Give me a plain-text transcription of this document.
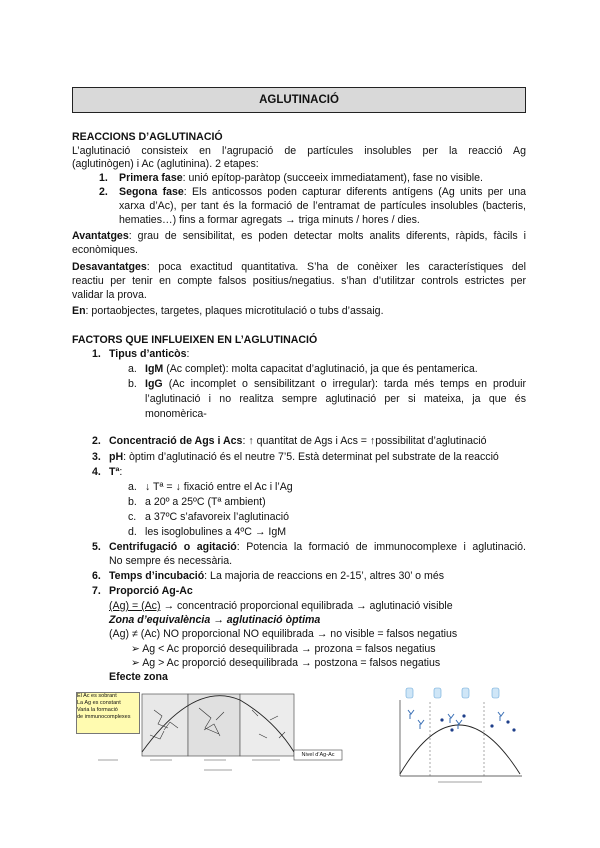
AGLUTINACIÓ
REACCIONS D’AGLUTINACIÓ
L’aglutinació consisteix en l’agrupació de partícules insolubles per la reacció Ag
(aglutinògen) i Ac (aglutinina). 2 etapes:
1. Primera fase: unió epítop-paràtop (succeeix immediatament), fase no visible.
2. Segona fase: Els anticossos poden capturar diferents antígens (Ag units per una
xarxa d’Ac), per tant és la formació de l’entramat de partícules insolubles (bacteris,
hematies…) fins a formar agregats → triga minuts / hores / dies.
Avantatges: grau de sensibilitat, es poden detectar molts analits diferents, ràpids, fàcils i
econòmiques.
Desavantatges: poca exactitud quantitativa. S’ha de conèixer les característiques del
reactiu per tenir en compte falsos positius/negatius. s’han d’utilitzar controls estrictes per
validar la prova.
En: portaobjectes, targetes, plaques microtitulació o tubs d’assaig.
FACTORS QUE INFLUEIXEN EN L’AGLUTINACIÓ
1. Tipus d’anticòs:
a. IgM (Ac complet): molta capacitat d’aglutinació, ja que és pentamerica.
b. IgG (Ac incomplet o sensibilitzant o irregular): tarda més temps en produir
l’aglutinació i no realitza sempre aglutinació per si mateixa, ja que és
monomèrica-
2. Concentració de Ags i Acs: ↑ quantitat de Ags i Acs = ↑possibilitat d’aglutinació
3. pH: òptim d’aglutinació és el neutre 7’5. Està determinat pel substrate de la reacció
4. Tª:
a. ↓ Tª = ↓ fixació entre el Ac i l’Ag
b. a 20º a 25ºC (Tª ambient)
c. a 37ºC s’afavoreix l’aglutinació
d. les isoglobulines a 4ºC → IgM
5. Centrifugació o agitació: Potencia la formació de immunocomplexe i aglutinació.
No sempre és necessària.
6. Temps d’incubació: La majoria de reaccions en 2-15’, altres 30’ o més
7. Proporció Ag-Ac
(Ag) = (Ac) → concentració proporcional equilibrada → aglutinació visible
Zona d’equivalència → aglutinació òptima
(Ag) ≠ (Ac) NO proporcional NO equilibrada → no visible = falsos negatius
➢ Ag < Ac proporció desequilibrada → prozona = falsos negatius
➢ Ag > Ac proporció desequilibrada → postzona = falsos negatius
Efecte zona
El Ac es sobrant
La Ag es constant
Varia la formació
de immunocomplexes
Nivel d’Ag-Ac
